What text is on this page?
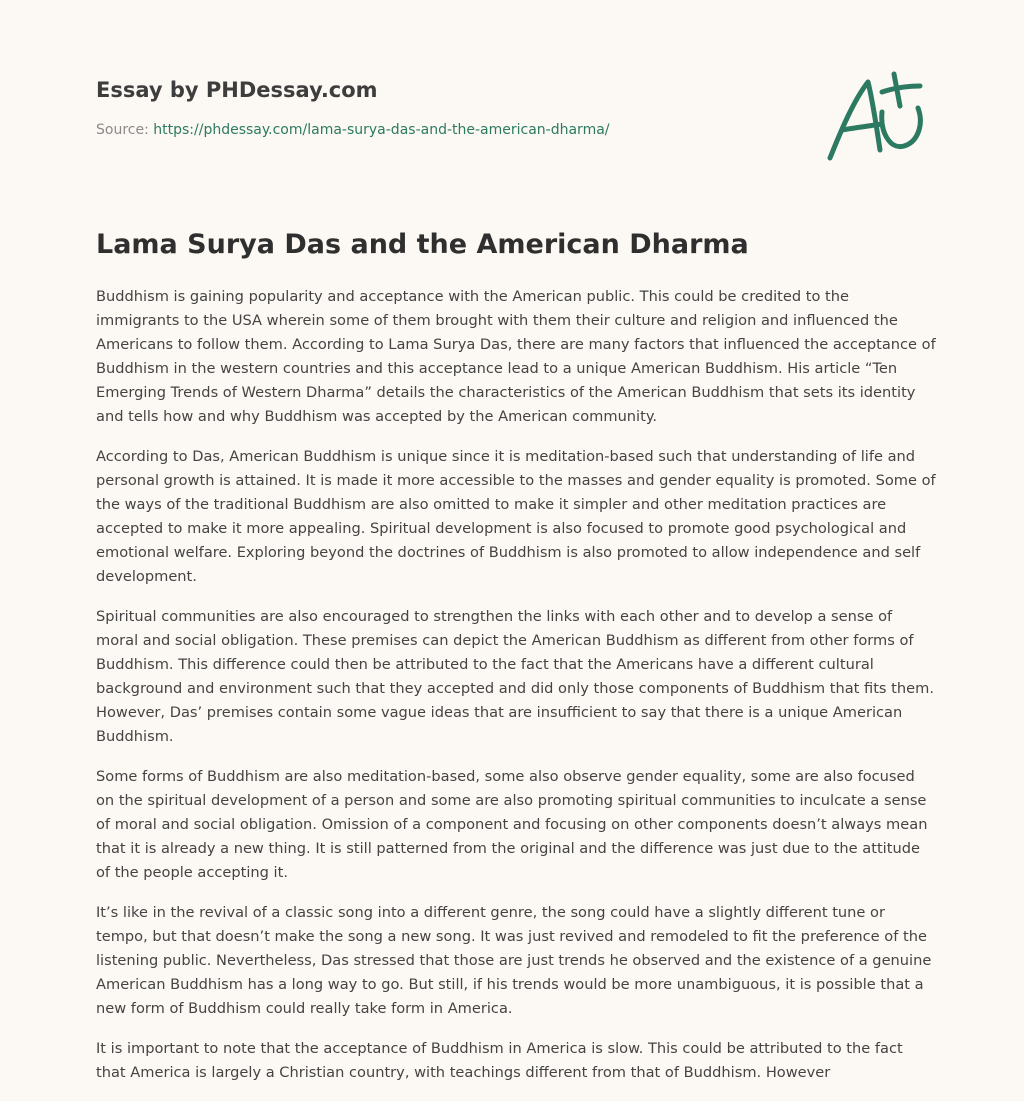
Essay by PHDessay.com
Source: https://phdessay.com/lama-surya-das-and-the-american-dharma/
Lama Surya Das and the American Dharma

Buddhism is gaining popularity and acceptance with the American public. This could be credited to the immigrants to the USA wherein some of them brought with them their culture and religion and influenced the Americans to follow them. According to Lama Surya Das, there are many factors that influenced the acceptance of Buddhism in the western countries and this acceptance lead to a unique American Buddhism. His article “Ten Emerging Trends of Western Dharma” details the characteristics of the American Buddhism that sets its identity and tells how and why Buddhism was accepted by the American community.

According to Das, American Buddhism is unique since it is meditation-based such that understanding of life and personal growth is attained. It is made it more accessible to the masses and gender equality is promoted. Some of the ways of the traditional Buddhism are also omitted to make it simpler and other meditation practices are accepted to make it more appealing. Spiritual development is also focused to promote good psychological and emotional welfare. Exploring beyond the doctrines of Buddhism is also promoted to allow independence and self development.

Spiritual communities are also encouraged to strengthen the links with each other and to develop a sense of moral and social obligation. These premises can depict the American Buddhism as different from other forms of Buddhism. This difference could then be attributed to the fact that the Americans have a different cultural background and environment such that they accepted and did only those components of Buddhism that fits them. However, Das’ premises contain some vague ideas that are insufficient to say that there is a unique American Buddhism.

Some forms of Buddhism are also meditation-based, some also observe gender equality, some are also focused on the spiritual development of a person and some are also promoting spiritual communities to inculcate a sense of moral and social obligation. Omission of a component and focusing on other components doesn’t always mean that it is already a new thing. It is still patterned from the original and the difference was just due to the attitude of the people accepting it.

It’s like in the revival of a classic song into a different genre, the song could have a slightly different tune or tempo, but that doesn’t make the song a new song. It was just revived and remodeled to fit the preference of the listening public. Nevertheless, Das stressed that those are just trends he observed and the existence of a genuine American Buddhism has a long way to go. But still, if his trends would be more unambiguous, it is possible that a new form of Buddhism could really take form in America.

It is important to note that the acceptance of Buddhism in America is slow. This could be attributed to the fact that America is largely a Christian country, with teachings different from that of Buddhism. However
